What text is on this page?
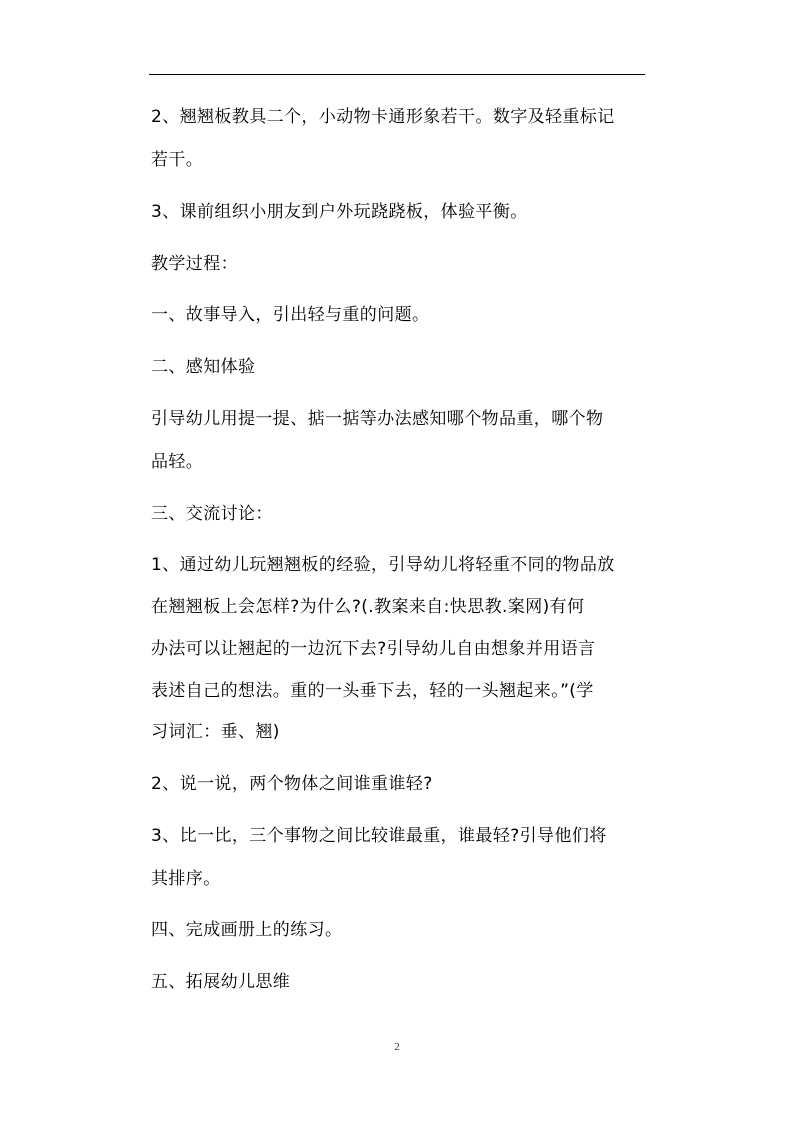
2、翘翘板教具二个，小动物卡通形象若干。数字及轻重标记
若干。
3、课前组织小朋友到户外玩跷跷板，体验平衡。
教学过程：
一、故事导入，引出轻与重的问题。
二、感知体验
引导幼儿用提一提、掂一掂等办法感知哪个物品重，哪个物
品轻。
三、交流讨论：
1、通过幼儿玩翘翘板的经验，引导幼儿将轻重不同的物品放
在翘翘板上会怎样?为什么?(.教案来自:快思教.案网)有何
办法可以让翘起的一边沉下去?引导幼儿自由想象并用语言
表述自己的想法。重的一头垂下去，轻的一头翘起来。”(学
习词汇：垂、翘)
2、说一说，两个物体之间谁重谁轻?
3、比一比，三个事物之间比较谁最重，谁最轻?引导他们将
其排序。
四、完成画册上的练习。
五、拓展幼儿思维
2
